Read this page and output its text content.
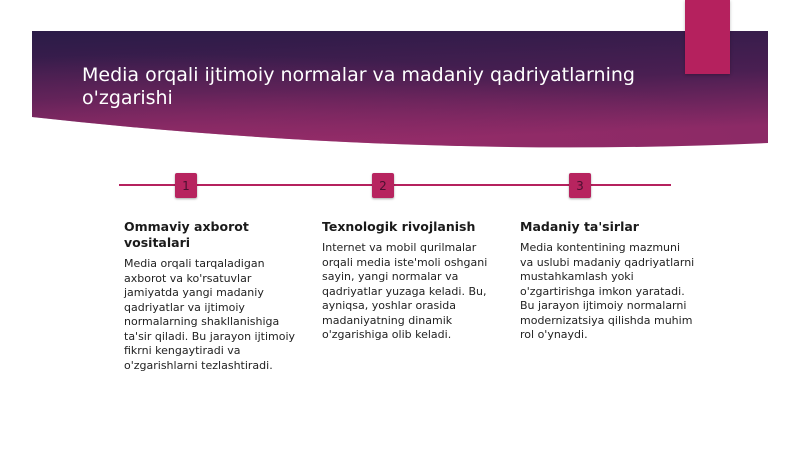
Media orqali ijtimoiy normalar va madaniy qadriyatlarning o'zgarishi
1	2	3
Ommaviy axborot vositalari

Media orqali tarqaladigan axborot va ko'rsatuvlar jamiyatda yangi madaniy qadriyatlar va ijtimoiy normalarning shakllanishiga ta'sir qiladi. Bu jarayon ijtimoiy fikrni kengaytiradi va o'zgarishlarni tezlashtiradi.

Texnologik rivojlanish

Internet va mobil qurilmalar orqali media iste'moli oshgani sayin, yangi normalar va qadriyatlar yuzaga keladi. Bu, ayniqsa, yoshlar orasida madaniyatning dinamik o'zgarishiga olib keladi.

Madaniy ta'sirlar

Media kontentining mazmuni va uslubi madaniy qadriyatlarni mustahkamlash yoki o'zgartirishga imkon yaratadi. Bu jarayon ijtimoiy normalarni modernizatsiya qilishda muhim rol o'ynaydi.
